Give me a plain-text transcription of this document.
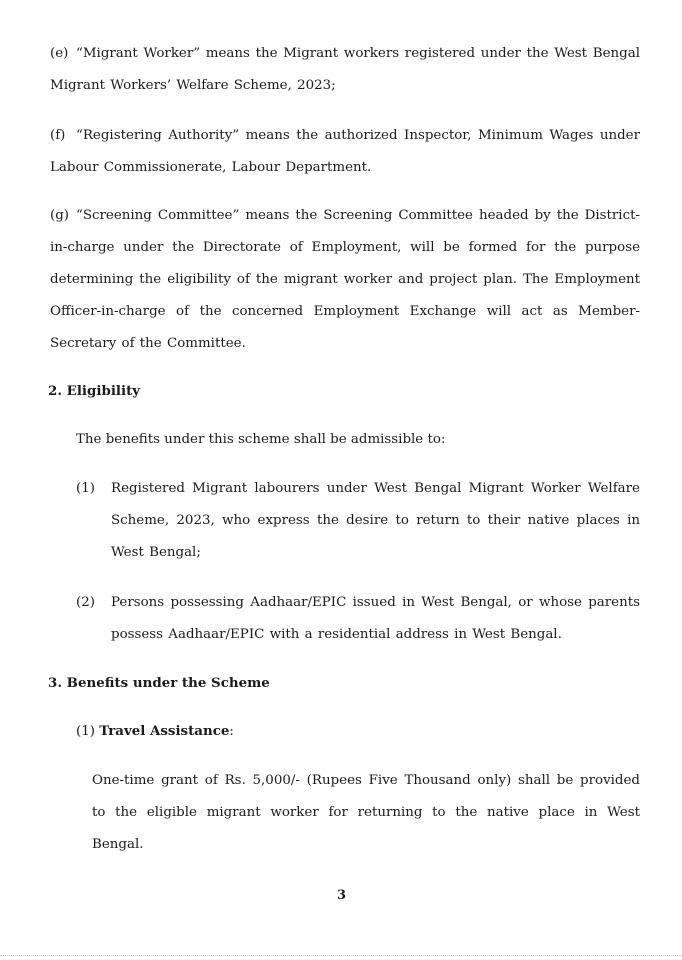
(e) “Migrant Worker” means the Migrant workers registered under the West Bengal Migrant Workers’ Welfare Scheme, 2023;
(f) “Registering Authority” means the authorized Inspector, Minimum Wages under Labour Commissionerate, Labour Department.
(g) “Screening Committee” means the Screening Committee headed by the District-in-charge under the Directorate of Employment, will be formed for the purpose determining the eligibility of the migrant worker and project plan. The Employment Officer-in-charge of the concerned Employment Exchange will act as Member-Secretary of the Committee.
2. Eligibility
The benefits under this scheme shall be admissible to:
(1) Registered Migrant labourers under West Bengal Migrant Worker Welfare Scheme, 2023, who express the desire to return to their native places in West Bengal;
(2) Persons possessing Aadhaar/EPIC issued in West Bengal, or whose parents possess Aadhaar/EPIC with a residential address in West Bengal.
3. Benefits under the Scheme
(1) Travel Assistance:
One-time grant of Rs. 5,000/- (Rupees Five Thousand only) shall be provided to the eligible migrant worker for returning to the native place in West Bengal.
3
